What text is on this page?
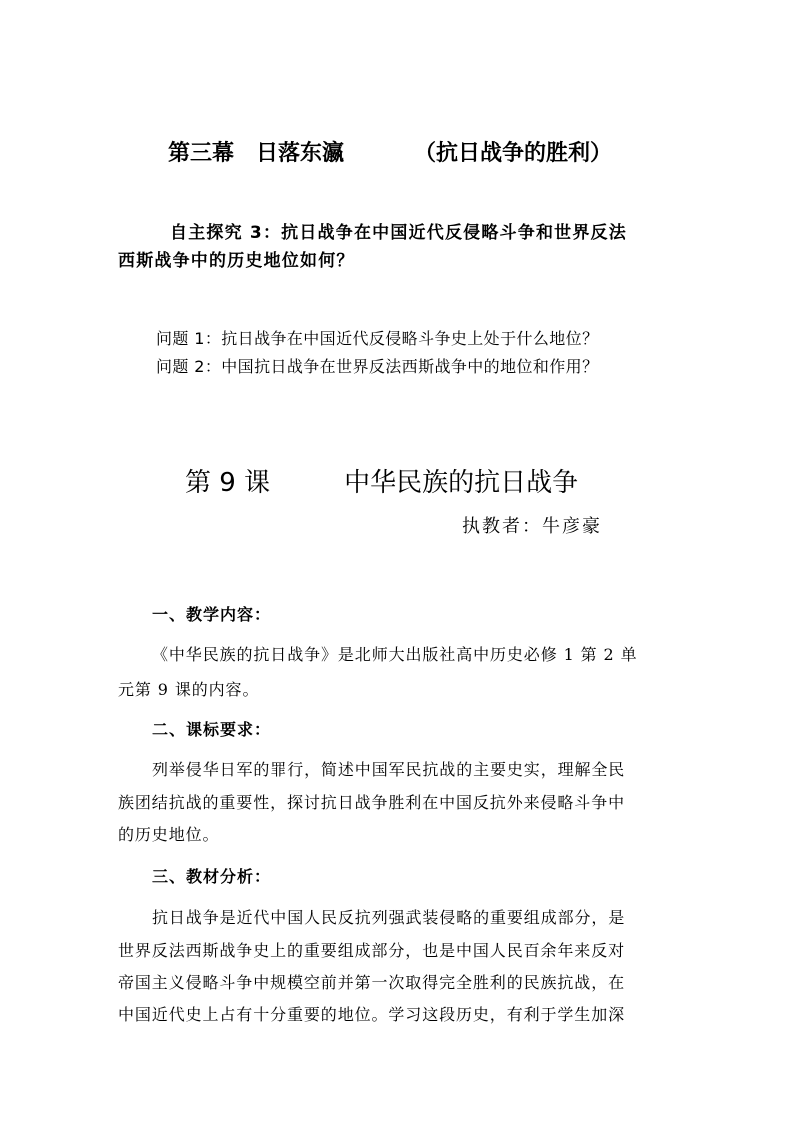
第三幕 日落东瀛	（抗日战争的胜利）
自主探究 3：抗日战争在中国近代反侵略斗争和世界反法
西斯战争中的历史地位如何？
问题 1：抗日战争在中国近代反侵略斗争史上处于什么地位？
问题 2：中国抗日战争在世界反法西斯战争中的地位和作用？
第 9 课	中华民族的抗日战争
执教者：牛彦豪
一、教学内容：
《中华民族的抗日战争》是北师大出版社高中历史必修 1 第 2 单
元第 9 课的内容。
二、课标要求：
列举侵华日军的罪行，简述中国军民抗战的主要史实，理解全民
族团结抗战的重要性，探讨抗日战争胜利在中国反抗外来侵略斗争中
的历史地位。
三、教材分析：
抗日战争是近代中国人民反抗列强武装侵略的重要组成部分，是
世界反法西斯战争史上的重要组成部分，也是中国人民百余年来反对
帝国主义侵略斗争中规模空前并第一次取得完全胜利的民族抗战，在
中国近代史上占有十分重要的地位。学习这段历史，有利于学生加深
